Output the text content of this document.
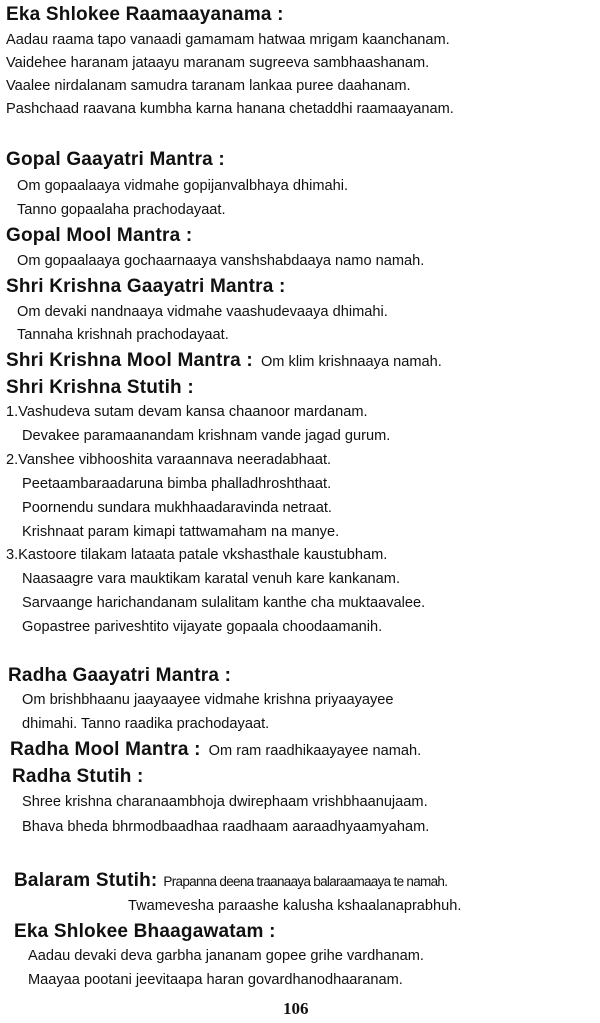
Eka Shlokee Raamaayanama :
Aadau raama tapo vanaadi gamamam hatwaa mrigam kaanchanam.
Vaidehee haranam jataayu maranam sugreeva sambhaashanam.
Vaalee nirdalanam samudra taranam lankaa puree daahanam.
Pashchaad raavana kumbha karna hanana chetaddhi raamaayanam.
Gopal Gaayatri Mantra :
Om gopaalaaya vidmahe gopijanvalbhaya dhimahi.
Tanno gopaalaha prachodayaat.
Gopal Mool Mantra :
Om gopaalaaya gochaarnaaya vanshshabdaaya namo namah.
Shri Krishna Gaayatri Mantra :
Om devaki nandnaaya vidmahe vaashudevaaya dhimahi.
Tannaha krishnah prachodayaat.
Shri Krishna Mool Mantra : Om klim krishnaaya namah.
Shri Krishna Stutih :
1.Vashudeva sutam devam kansa chaanoor mardanam.
Devakee paramaanandam krishnam vande jagad gurum.
2.Vanshee vibhooshita varaannava neeradabhaat.
Peetaambaraadaruna bimba phalladhroshthaat.
Poornendu sundara mukhhaadaravinda netraat.
Krishnaat param kimapi tattwamaham na manye.
3.Kastoore tilakam lataata patale vkshasthale kaustubham.
Naasaagre vara mauktikam karatal venuh kare kankanam.
Sarvaange harichandanam sulalitam kanthe cha muktaavalee.
Gopastree pariveshtito vijayate gopaala choodaamanih.
Radha Gaayatri Mantra :
Om brishbhaanu jaayaayee vidmahe krishna priyaayayee
dhimahi. Tanno raadika prachodayaat.
Radha Mool Mantra : Om ram raadhikaayayee namah.
Radha Stutih :
Shree krishna charanaambhoja dwirephaam vrishbhaanujaam.
Bhava bheda bhrmodbaadhaa raadhaam aaraadhyaamyaham.
Balaram Stutih: Prapanna deena traanaaya balaraamaaya te namah.
Twamevesha paraashe kalusha kshaalanaprabhuh.
Eka Shlokee Bhaagawatam :
Aadau devaki deva garbha jananam gopee grihe vardhanam.
Maayaa pootani jeevitaapa haran govardhanodhaaranam.
106
